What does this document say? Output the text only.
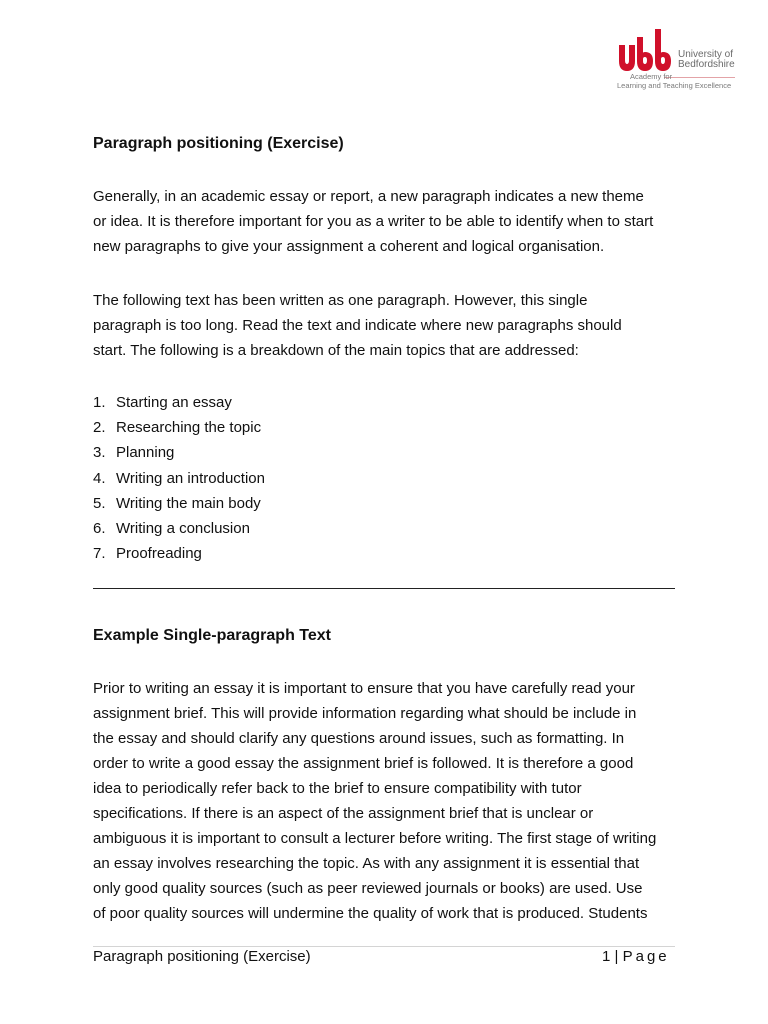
University of
Bedfordshire
Academy for
Learning and Teaching Excellence
Paragraph positioning (Exercise)

Generally, in an academic essay or report, a new paragraph indicates a new theme
or idea. It is therefore important for you as a writer to be able to identify when to start
new paragraphs to give your assignment a coherent and logical organisation.

The following text has been written as one paragraph. However, this single
paragraph is too long. Read the text and indicate where new paragraphs should
start. The following is a breakdown of the main topics that are addressed:

1. Starting an essay
2. Researching the topic
3. Planning
4. Writing an introduction
5. Writing the main body
6. Writing a conclusion
7. Proofreading
Example Single-paragraph Text

Prior to writing an essay it is important to ensure that you have carefully read your
assignment brief. This will provide information regarding what should be include in
the essay and should clarify any questions around issues, such as formatting. In
order to write a good essay the assignment brief is followed. It is therefore a good
idea to periodically refer back to the brief to ensure compatibility with tutor
specifications. If there is an aspect of the assignment brief that is unclear or
ambiguous it is important to consult a lecturer before writing. The first stage of writing
an essay involves researching the topic. As with any assignment it is essential that
only good quality sources (such as peer reviewed journals or books) are used. Use
of poor quality sources will undermine the quality of work that is produced. Students

Paragraph positioning (Exercise)	1 | Page
